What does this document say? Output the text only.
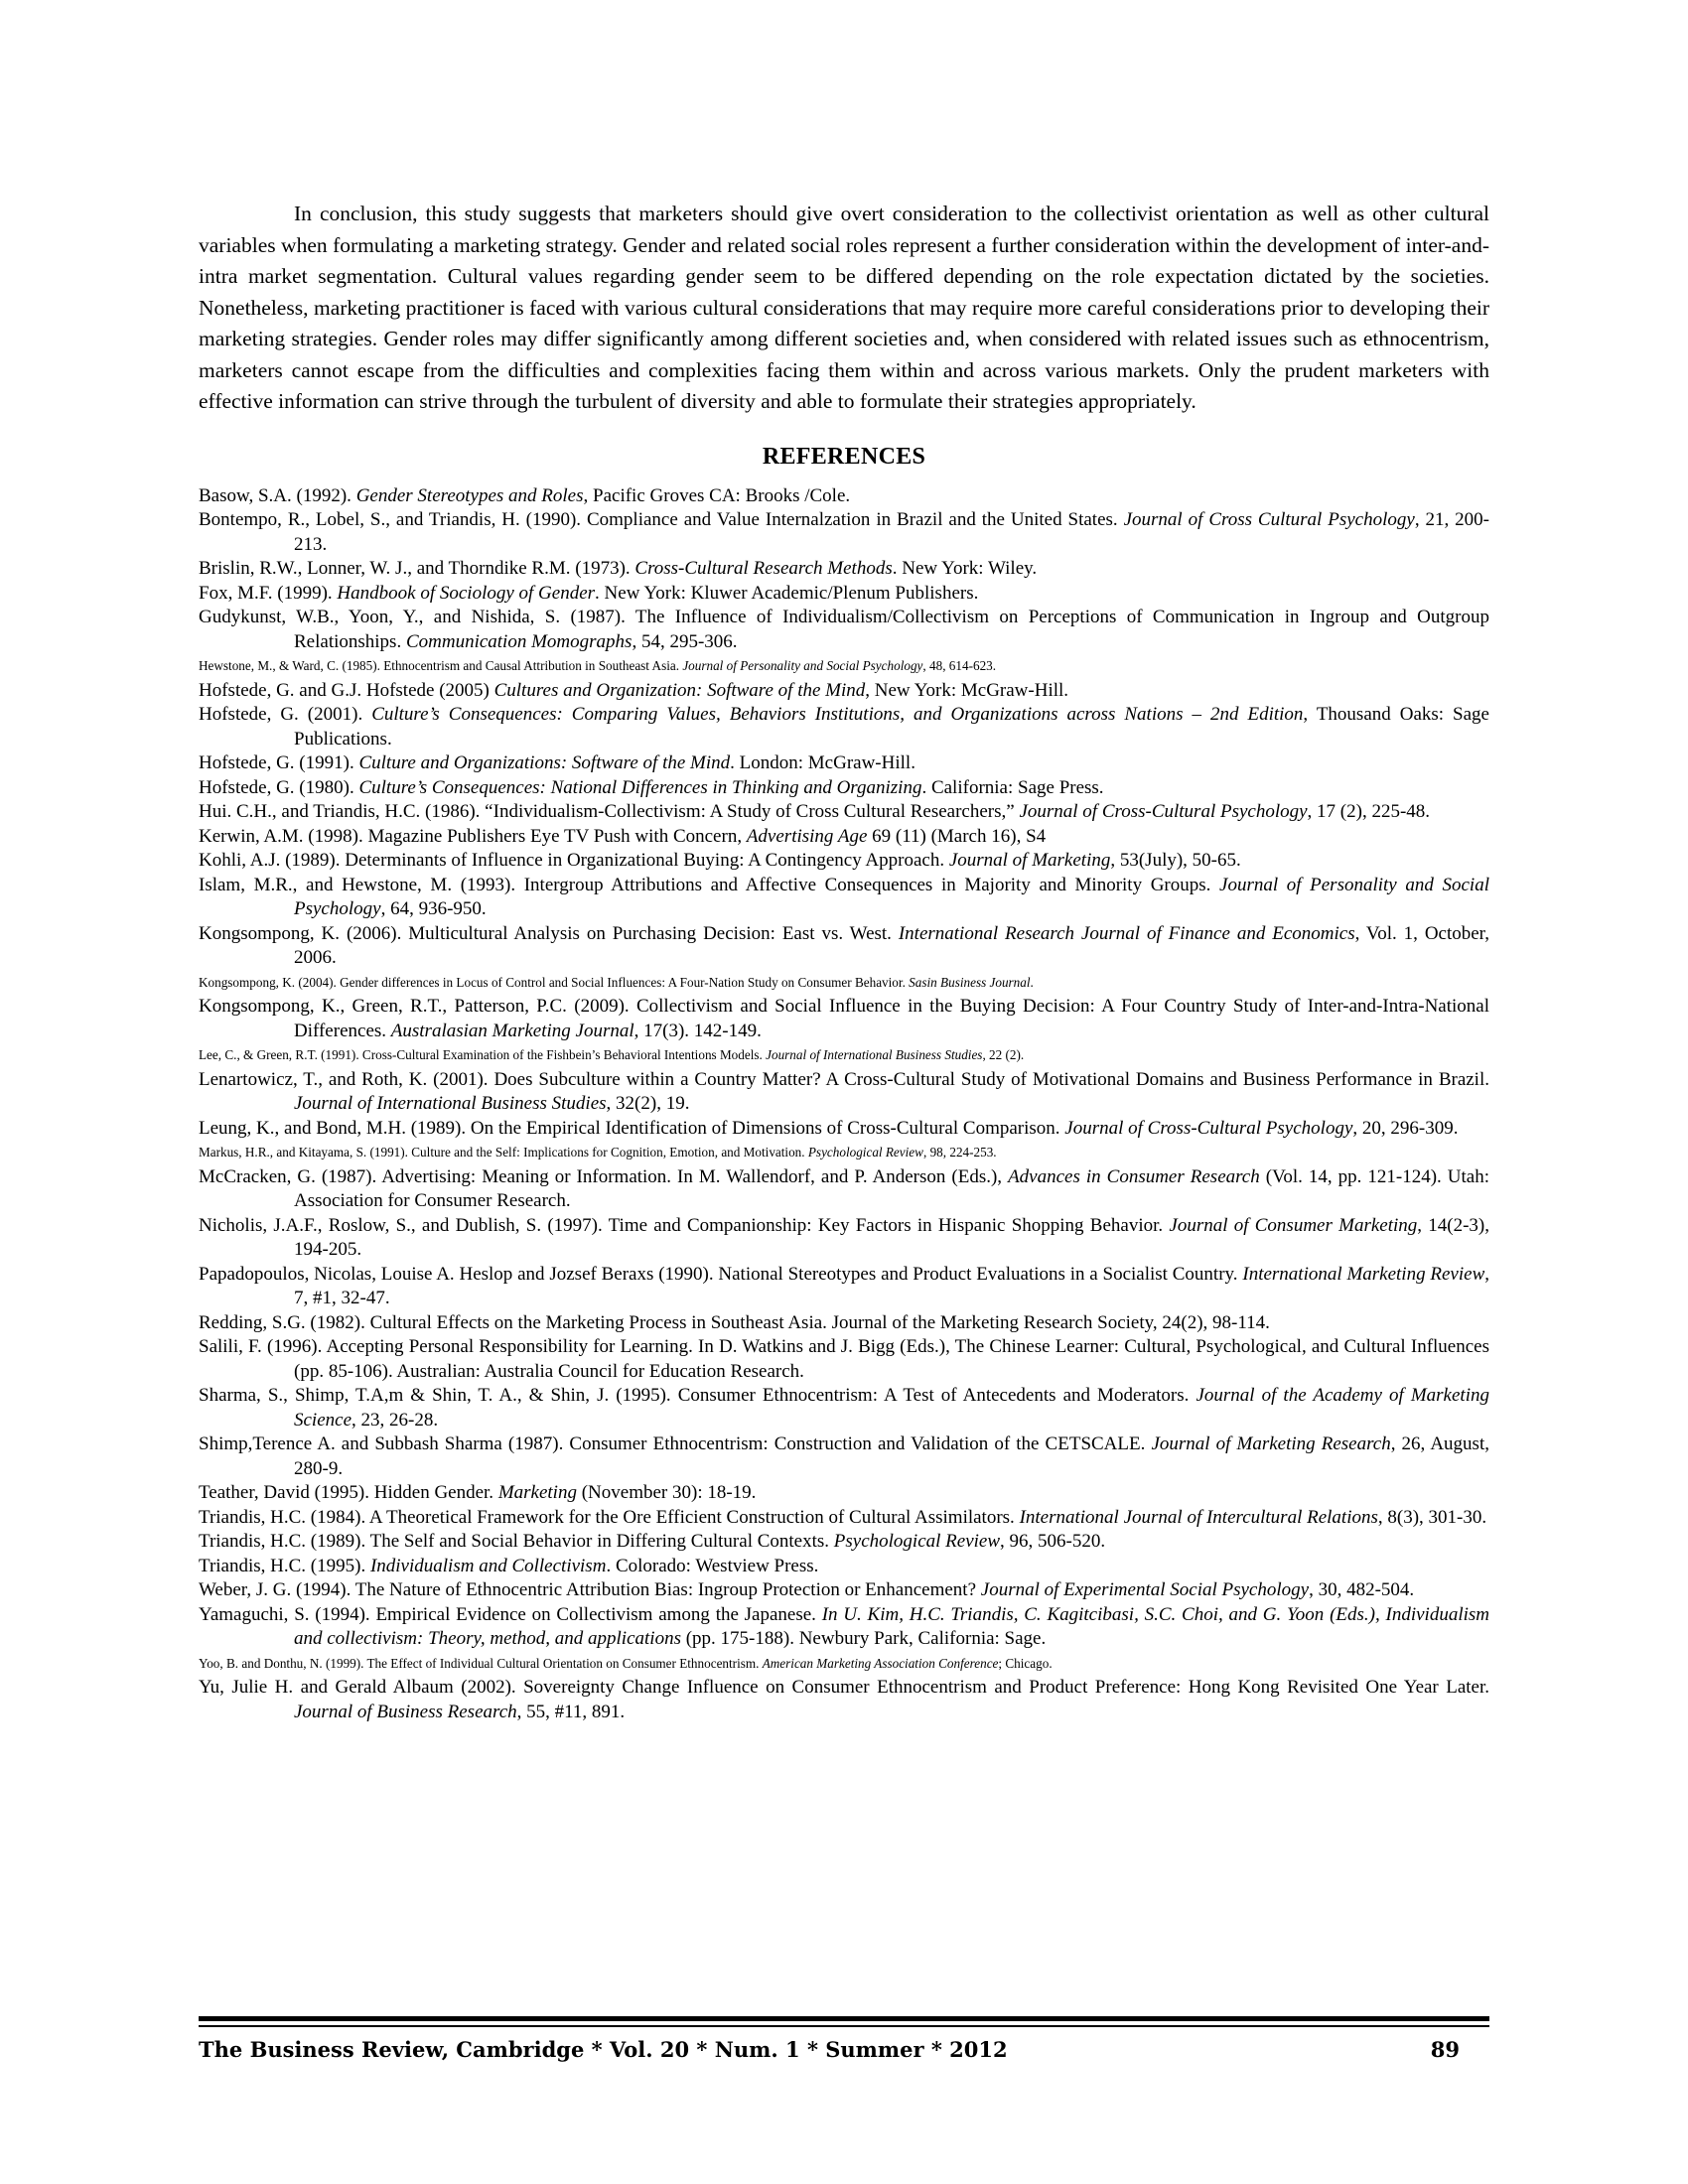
In conclusion, this study suggests that marketers should give overt consideration to the collectivist orientation as well as other cultural variables when formulating a marketing strategy. Gender and related social roles represent a further consideration within the development of inter-and-intra market segmentation. Cultural values regarding gender seem to be differed depending on the role expectation dictated by the societies. Nonetheless, marketing practitioner is faced with various cultural considerations that may require more careful considerations prior to developing their marketing strategies. Gender roles may differ significantly among different societies and, when considered with related issues such as ethnocentrism, marketers cannot escape from the difficulties and complexities facing them within and across various markets. Only the prudent marketers with effective information can strive through the turbulent of diversity and able to formulate their strategies appropriately.

REFERENCES

Basow, S.A. (1992). Gender Stereotypes and Roles, Pacific Groves CA: Brooks /Cole.

Bontempo, R., Lobel, S., and Triandis, H. (1990). Compliance and Value Internalzation in Brazil and the United States. Journal of Cross Cultural Psychology, 21, 200-213.

Brislin, R.W., Lonner, W. J., and Thorndike R.M. (1973). Cross-Cultural Research Methods. New York: Wiley.

Fox, M.F. (1999). Handbook of Sociology of Gender. New York: Kluwer Academic/Plenum Publishers.

Gudykunst, W.B., Yoon, Y., and Nishida, S. (1987). The Influence of Individualism/Collectivism on Perceptions of Communication in Ingroup and Outgroup Relationships. Communication Momographs, 54, 295-306.

Hewstone, M., & Ward, C. (1985). Ethnocentrism and Causal Attribution in Southeast Asia. Journal of Personality and Social Psychology, 48, 614-623.

Hofstede, G. and G.J. Hofstede (2005) Cultures and Organization: Software of the Mind, New York: McGraw-Hill.

Hofstede, G. (2001). Culture’s Consequences: Comparing Values, Behaviors Institutions, and Organizations across Nations – 2nd Edition, Thousand Oaks: Sage Publications.

Hofstede, G. (1991). Culture and Organizations: Software of the Mind. London: McGraw-Hill.

Hofstede, G. (1980). Culture’s Consequences: National Differences in Thinking and Organizing. California: Sage Press.

Hui. C.H., and Triandis, H.C. (1986). “Individualism-Collectivism: A Study of Cross Cultural Researchers,” Journal of Cross-Cultural Psychology, 17 (2), 225-48.

Kerwin, A.M. (1998). Magazine Publishers Eye TV Push with Concern, Advertising Age 69 (11) (March 16), S4

Kohli, A.J. (1989). Determinants of Influence in Organizational Buying: A Contingency Approach. Journal of Marketing, 53(July), 50-65.

Islam, M.R., and Hewstone, M. (1993). Intergroup Attributions and Affective Consequences in Majority and Minority Groups. Journal of Personality and Social Psychology, 64, 936-950.

Kongsompong, K. (2006). Multicultural Analysis on Purchasing Decision: East vs. West. International Research Journal of Finance and Economics, Vol. 1, October, 2006.

Kongsompong, K. (2004). Gender differences in Locus of Control and Social Influences: A Four-Nation Study on Consumer Behavior. Sasin Business Journal.

Kongsompong, K., Green, R.T., Patterson, P.C. (2009). Collectivism and Social Influence in the Buying Decision: A Four Country Study of Inter-and-Intra-National Differences. Australasian Marketing Journal, 17(3). 142-149.

Lee, C., & Green, R.T. (1991). Cross-Cultural Examination of the Fishbein’s Behavioral Intentions Models. Journal of International Business Studies, 22 (2).

Lenartowicz, T., and Roth, K. (2001). Does Subculture within a Country Matter? A Cross-Cultural Study of Motivational Domains and Business Performance in Brazil. Journal of International Business Studies, 32(2), 19.

Leung, K., and Bond, M.H. (1989). On the Empirical Identification of Dimensions of Cross-Cultural Comparison. Journal of Cross-Cultural Psychology, 20, 296-309.

Markus, H.R., and Kitayama, S. (1991). Culture and the Self: Implications for Cognition, Emotion, and Motivation. Psychological Review, 98, 224-253.

McCracken, G. (1987). Advertising: Meaning or Information. In M. Wallendorf, and P. Anderson (Eds.), Advances in Consumer Research (Vol. 14, pp. 121-124). Utah: Association for Consumer Research.

Nicholis, J.A.F., Roslow, S., and Dublish, S. (1997). Time and Companionship: Key Factors in Hispanic Shopping Behavior. Journal of Consumer Marketing, 14(2-3), 194-205.

Papadopoulos, Nicolas, Louise A. Heslop and Jozsef Beraxs (1990). National Stereotypes and Product Evaluations in a Socialist Country. International Marketing Review, 7, #1, 32-47.

Redding, S.G. (1982). Cultural Effects on the Marketing Process in Southeast Asia. Journal of the Marketing Research Society, 24(2), 98-114.

Salili, F. (1996). Accepting Personal Responsibility for Learning. In D. Watkins and J. Bigg (Eds.), The Chinese Learner: Cultural, Psychological, and Cultural Influences (pp. 85-106). Australian: Australia Council for Education Research.

Sharma, S., Shimp, T.A,m & Shin, T. A., & Shin, J. (1995). Consumer Ethnocentrism: A Test of Antecedents and Moderators. Journal of the Academy of Marketing Science, 23, 26-28.

Shimp,Terence A. and Subbash Sharma (1987). Consumer Ethnocentrism: Construction and Validation of the CETSCALE. Journal of Marketing Research, 26, August, 280-9.

Teather, David (1995). Hidden Gender. Marketing (November 30): 18-19.

Triandis, H.C. (1984). A Theoretical Framework for the Ore Efficient Construction of Cultural Assimilators. International Journal of Intercultural Relations, 8(3), 301-30.

Triandis, H.C. (1989). The Self and Social Behavior in Differing Cultural Contexts. Psychological Review, 96, 506-520.

Triandis, H.C. (1995). Individualism and Collectivism. Colorado: Westview Press.

Weber, J. G. (1994). The Nature of Ethnocentric Attribution Bias: Ingroup Protection or Enhancement? Journal of Experimental Social Psychology, 30, 482-504.

Yamaguchi, S. (1994). Empirical Evidence on Collectivism among the Japanese. In U. Kim, H.C. Triandis, C. Kagitcibasi, S.C. Choi, and G. Yoon (Eds.), Individualism and collectivism: Theory, method, and applications (pp. 175-188). Newbury Park, California: Sage.

Yoo, B. and Donthu, N. (1999). The Effect of Individual Cultural Orientation on Consumer Ethnocentrism. American Marketing Association Conference; Chicago.

Yu, Julie H. and Gerald Albaum (2002). Sovereignty Change Influence on Consumer Ethnocentrism and Product Preference: Hong Kong Revisited One Year Later. Journal of Business Research, 55, #11, 891.

The Business Review, Cambridge * Vol. 20 * Num. 1 * Summer * 2012	89
